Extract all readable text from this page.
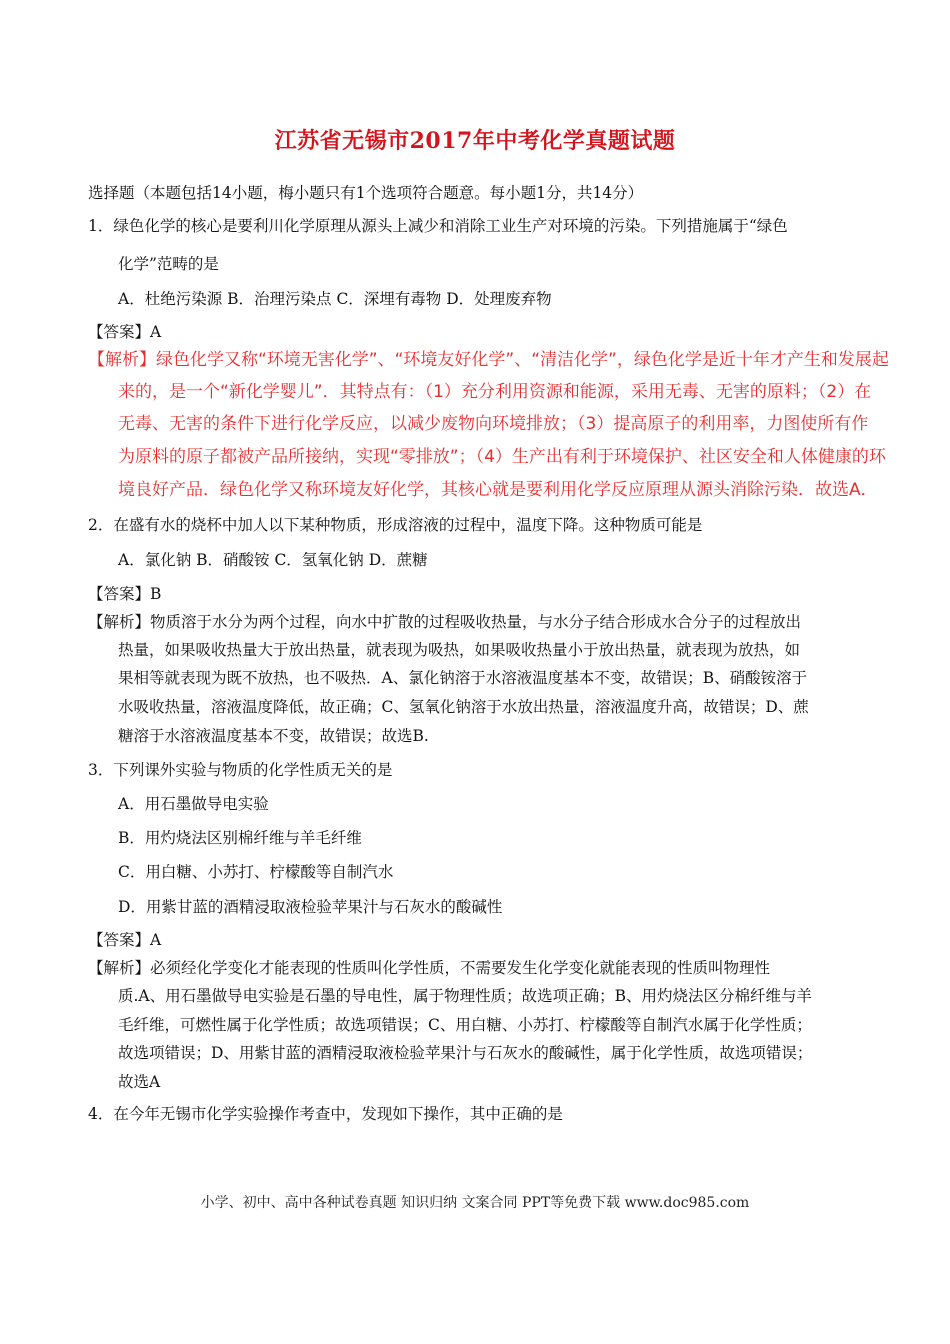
江苏省无锡市2017年中考化学真题试题
选择题（本题包括14小题，梅小题只有1个选项符合题意。每小题1分，共14分）
1．绿色化学的核心是要利川化学原理从源头上减少和消除工业生产对环境的污染。下列措施属于“绿色
化学”范畴的是
A．杜绝污染源 B．治理污染点 C．深埋有毒物 D．处理废弃物
【答案】A
【解析】绿色化学又称“环境无害化学”、“环境友好化学”、“清洁化学”，绿色化学是近十年才产生和发展起
来的，是一个“新化学婴儿”．其特点有：（1）充分利用资源和能源，采用无毒、无害的原料；（2）在
无毒、无害的条件下进行化学反应，以减少废物向环境排放；（3）提高原子的利用率，力图使所有作
为原料的原子都被产品所接纳，实现“零排放”；（4）生产出有利于环境保护、社区安全和人体健康的环
境良好产品．绿色化学又称环境友好化学，其核心就是要利用化学反应原理从源头消除污染．故选A．
2．在盛有水的烧杯中加人以下某种物质，形成溶液的过程中，温度下降。这种物质可能是
A．氯化钠 B．硝酸铵 C．氢氧化钠 D．蔗糖
【答案】B
【解析】物质溶于水分为两个过程，向水中扩散的过程吸收热量，与水分子结合形成水合分子的过程放出
热量，如果吸收热量大于放出热量，就表现为吸热，如果吸收热量小于放出热量，就表现为放热，如
果相等就表现为既不放热，也不吸热．A、氯化钠溶于水溶液温度基本不变，故错误；B、硝酸铵溶于
水吸收热量，溶液温度降低，故正确；C、氢氧化钠溶于水放出热量，溶液温度升高，故错误；D、蔗
糖溶于水溶液温度基本不变，故错误；故选B.
3．下列课外实验与物质的化学性质无关的是
A．用石墨做导电实验
B．用灼烧法区别棉纤维与羊毛纤维
C．用白糖、小苏打、柠檬酸等自制汽水
D．用紫甘蓝的酒精浸取液检验苹果汁与石灰水的酸碱性
【答案】A
【解析】必须经化学变化才能表现的性质叫化学性质，不需要发生化学变化就能表现的性质叫物理性
质.A、用石墨做导电实验是石墨的导电性，属于物理性质；故选项正确；B、用灼烧法区分棉纤维与羊
毛纤维，可燃性属于化学性质；故选项错误；C、用白糖、小苏打、柠檬酸等自制汽水属于化学性质；
故选项错误；D、用紫甘蓝的酒精浸取液检验苹果汁与石灰水的酸碱性，属于化学性质，故选项错误；
故选A
4．在今年无锡市化学实验操作考查中，发现如下操作，其中正确的是
小学、初中、高中各种试卷真题 知识归纳 文案合同 PPT等免费下载 www.doc985.com
